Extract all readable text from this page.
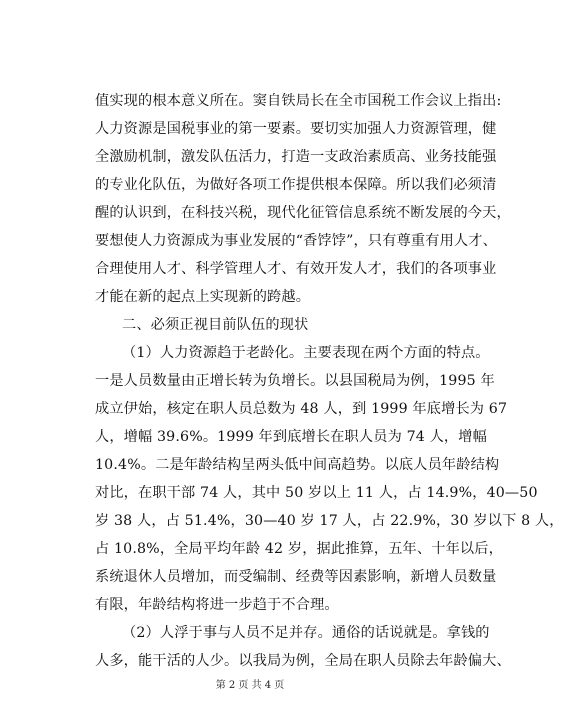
值实现的根本意义所在。窦自铁局长在全市国税工作会议上指出:
人力资源是国税事业的第一要素。要切实加强人力资源管理，健
全激励机制，激发队伍活力，打造一支政治素质高、业务技能强
的专业化队伍，为做好各项工作提供根本保障。所以我们必须清
醒的认识到，在科技兴税，现代化征管信息系统不断发展的今天，
要想使人力资源成为事业发展的“香饽饽”，只有尊重有用人才、
合理使用人才、科学管理人才、有效开发人才，我们的各项事业
才能在新的起点上实现新的跨越。
二、必须正视目前队伍的现状
（1）人力资源趋于老龄化。主要表现在两个方面的特点。
一是人员数量由正增长转为负增长。以县国税局为例，1995 年
成立伊始，核定在职人员总数为 48 人，到 1999 年底增长为 67
人，增幅 39.6%。1999 年到底增长在职人员为 74 人，增幅
10.4%。二是年龄结构呈两头低中间高趋势。以底人员年龄结构
对比，在职干部 74 人，其中 50 岁以上 11 人，占 14.9%，40—50
岁 38 人，占 51.4%，30—40 岁 17 人，占 22.9%，30 岁以下 8 人，
占 10.8%，全局平均年龄 42 岁，据此推算，五年、十年以后，
系统退休人员增加，而受编制、经费等因素影响，新增人员数量
有限，年龄结构将进一步趋于不合理。
（2）人浮于事与人员不足并存。通俗的话说就是。拿钱的
人多，能干活的人少。以我局为例，全局在职人员除去年龄偏大、
第 2 页 共 4 页
